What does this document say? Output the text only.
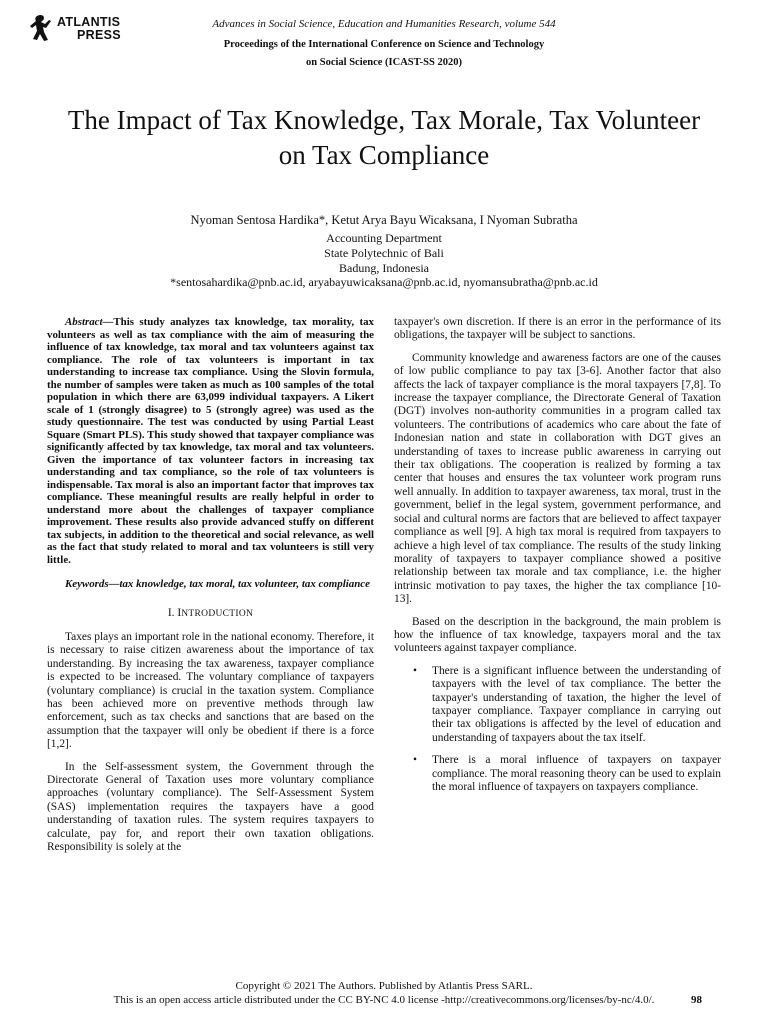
ATLANTIS
PRESS
Advances in Social Science, Education and Humanities Research, volume 544
Proceedings of the International Conference on Science and Technology
on Social Science (ICAST-SS 2020)
The Impact of Tax Knowledge, Tax Morale, Tax Volunteer on Tax Compliance
Nyoman Sentosa Hardika*, Ketut Arya Bayu Wicaksana, I Nyoman Subratha
Accounting Department
State Polytechnic of Bali
Badung, Indonesia
*sentosahardika@pnb.ac.id, aryabayuwicaksana@pnb.ac.id, nyomansubratha@pnb.ac.id

Abstract—This study analyzes tax knowledge, tax morality, tax volunteers as well as tax compliance with the aim of measuring the influence of tax knowledge, tax moral and tax volunteers against tax compliance. The role of tax volunteers is important in tax understanding to increase tax compliance. Using the Slovin formula, the number of samples were taken as much as 100 samples of the total population in which there are 63,099 individual taxpayers. A Likert scale of 1 (strongly disagree) to 5 (strongly agree) was used as the study questionnaire. The test was conducted by using Partial Least Square (Smart PLS). This study showed that taxpayer compliance was significantly affected by tax knowledge, tax moral and tax volunteers. Given the importance of tax volunteer factors in increasing tax understanding and tax compliance, so the role of tax volunteers is indispensable. Tax moral is also an important factor that improves tax compliance. These meaningful results are really helpful in order to understand more about the challenges of taxpayer compliance improvement. These results also provide advanced stuffy on different tax subjects, in addition to the theoretical and social relevance, as well as the fact that study related to moral and tax volunteers is still very little.

Keywords—tax knowledge, tax moral, tax volunteer, tax compliance

I. INTRODUCTION

Taxes plays an important role in the national economy. Therefore, it is necessary to raise citizen awareness about the importance of tax understanding. By increasing the tax awareness, taxpayer compliance is expected to be increased. The voluntary compliance of taxpayers (voluntary compliance) is crucial in the taxation system. Compliance has been achieved more on preventive methods through law enforcement, such as tax checks and sanctions that are based on the assumption that the taxpayer will only be obedient if there is a force [1,2].

In the Self-assessment system, the Government through the Directorate General of Taxation uses more voluntary compliance approaches (voluntary compliance). The Self-Assessment System (SAS) implementation requires the taxpayers have a good understanding of taxation rules. The system requires taxpayers to calculate, pay for, and report their own taxation obligations. Responsibility is solely at the

taxpayer's own discretion. If there is an error in the performance of its obligations, the taxpayer will be subject to sanctions.

Community knowledge and awareness factors are one of the causes of low public compliance to pay tax [3-6]. Another factor that also affects the lack of taxpayer compliance is the moral taxpayers [7,8]. To increase the taxpayer compliance, the Directorate General of Taxation (DGT) involves non-authority communities in a program called tax volunteers. The contributions of academics who care about the fate of Indonesian nation and state in collaboration with DGT gives an understanding of taxes to increase public awareness in carrying out their tax obligations. The cooperation is realized by forming a tax center that houses and ensures the tax volunteer work program runs well annually. In addition to taxpayer awareness, tax moral, trust in the government, belief in the legal system, government performance, and social and cultural norms are factors that are believed to affect taxpayer compliance as well [9]. A high tax moral is required from taxpayers to achieve a high level of tax compliance. The results of the study linking morality of taxpayers to taxpayer compliance showed a positive relationship between tax morale and tax compliance, i.e. the higher intrinsic motivation to pay taxes, the higher the tax compliance [10-13].

Based on the description in the background, the main problem is how the influence of tax knowledge, taxpayers moral and the tax volunteers against taxpayer compliance.

• There is a significant influence between the understanding of taxpayers with the level of tax compliance. The better the taxpayer's understanding of taxation, the higher the level of taxpayer compliance. Taxpayer compliance in carrying out their tax obligations is affected by the level of education and understanding of taxpayers about the tax itself.
• There is a moral influence of taxpayers on taxpayer compliance. The moral reasoning theory can be used to explain the moral influence of taxpayers on taxpayers compliance.
Copyright © 2021 The Authors. Published by Atlantis Press SARL.
This is an open access article distributed under the CC BY-NC 4.0 license -http://creativecommons.org/licenses/by-nc/4.0/.	98
